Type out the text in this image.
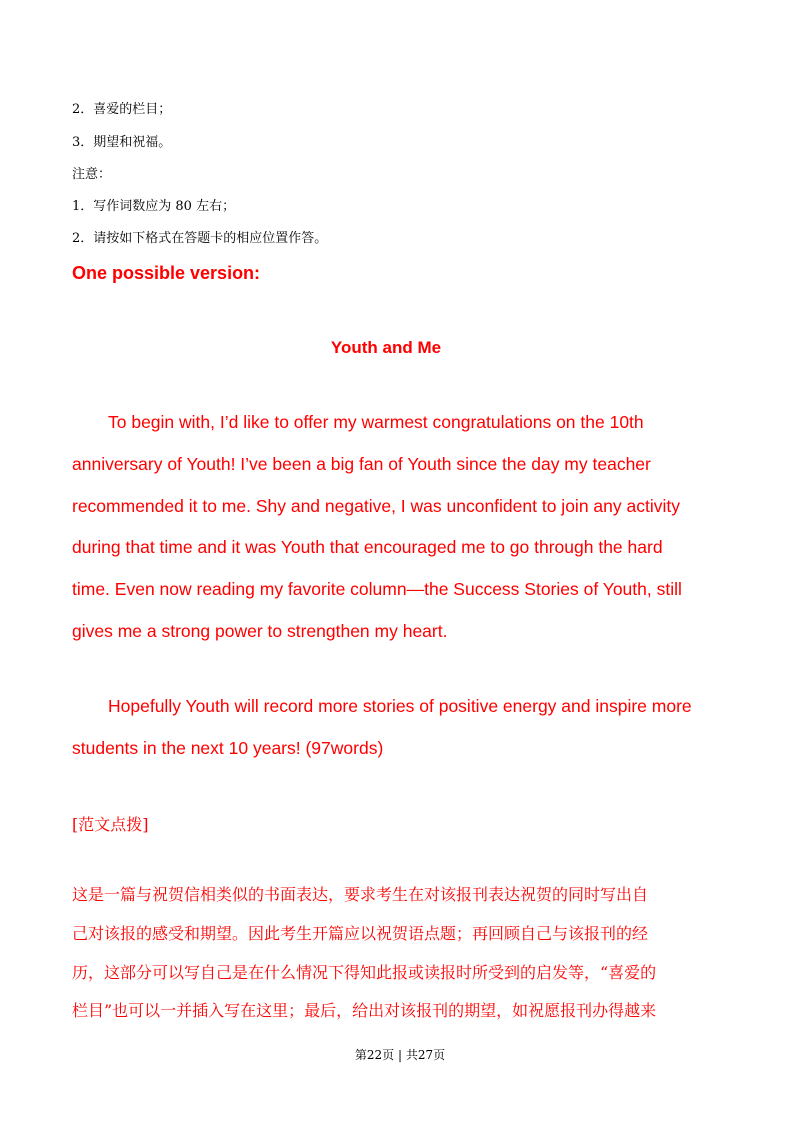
2．喜爱的栏目；
3．期望和祝福。
注意：
1．写作词数应为 80 左右；
2．请按如下格式在答题卡的相应位置作答。
One possible version:
Youth and Me
To begin with, I’d like to offer my warmest congratulations on the 10th
anniversary of Youth! I’ve been a big fan of Youth since the day my teacher
recommended it to me. Shy and negative, I was unconfident to join any activity
during that time and it was Youth that encouraged me to go through the hard
time. Even now reading my favorite column—the Success Stories of Youth, still
gives me a strong power to strengthen my heart.
Hopefully Youth will record more stories of positive energy and inspire more
students in the next 10 years! (97words)
[范文点拨]
这是一篇与祝贺信相类似的书面表达，要求考生在对该报刊表达祝贺的同时写出自
己对该报的感受和期望。因此考生开篇应以祝贺语点题；再回顾自己与该报刊的经
历，这部分可以写自己是在什么情况下得知此报或读报时所受到的启发等，“喜爱的
栏目”也可以一并插入写在这里；最后，给出对该报刊的期望，如祝愿报刊办得越来
第22页 | 共27页
